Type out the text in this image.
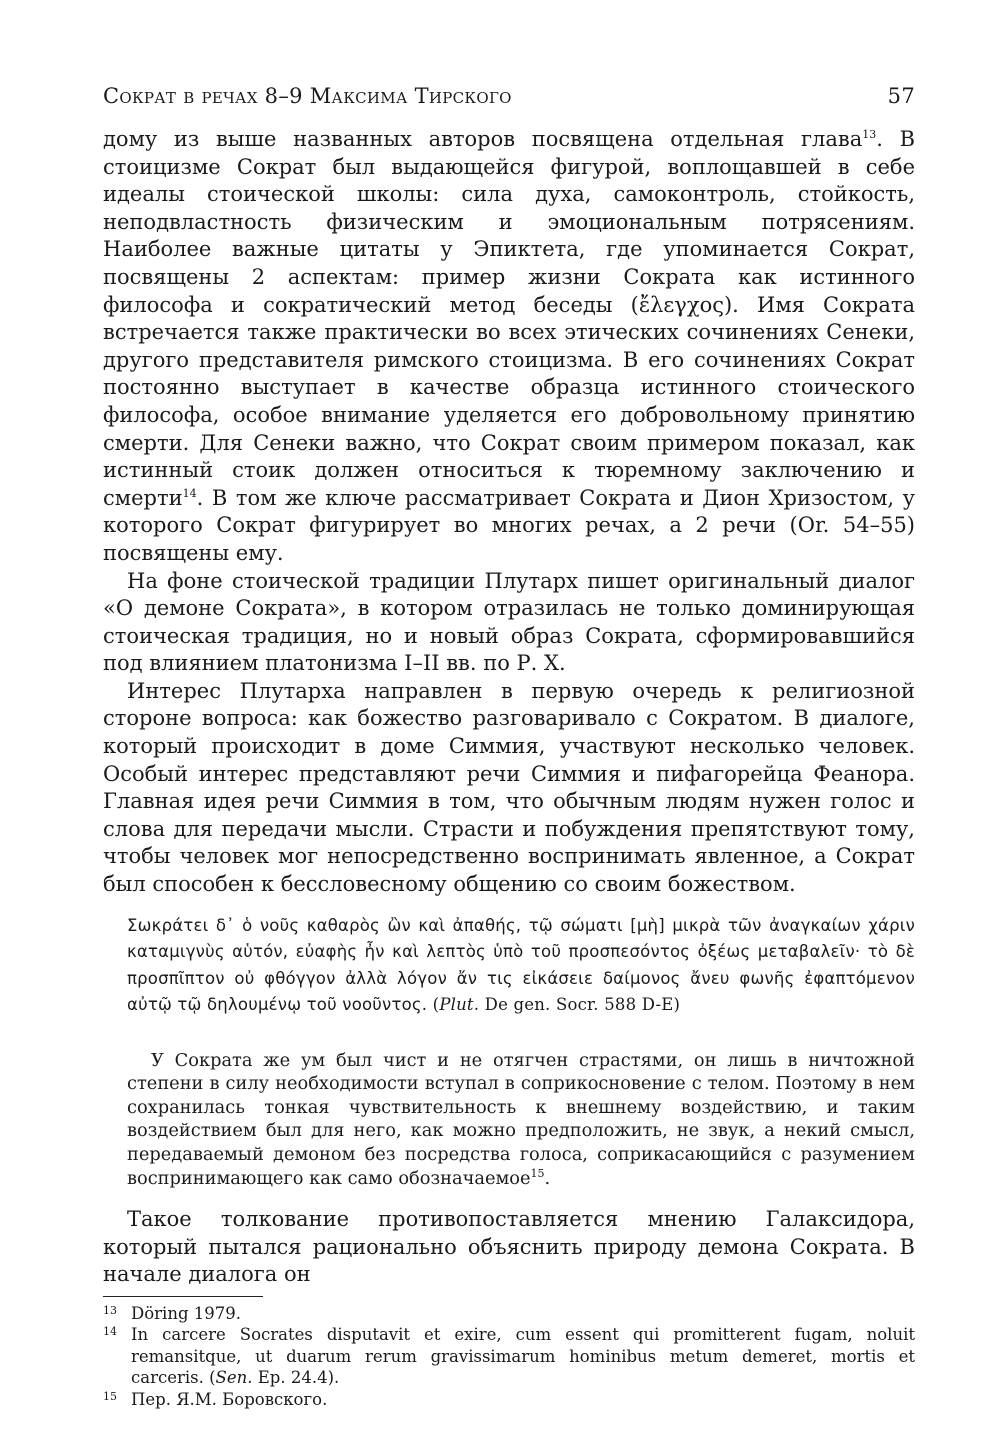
Сократ в речах 8–9 Максима Тирского	57

дому из выше названных авторов посвящена отдельная глава$^{13}$. В стоицизме Сократ был выдающейся фигурой, воплощавшей в себе идеалы стоической школы: сила духа, самоконтроль, стойкость, неподвластность физическим и эмоциональным потрясениям. Наиболее важные цитаты у Эпиктета, где упоминается Сократ, посвящены 2 аспектам: пример жизни Сократа как истинного философа и сократический метод беседы (ἔλεγχος). Имя Сократа встречается также практически во всех этических сочинениях Сенеки, другого представителя римского стоицизма. В его сочинениях Сократ постоянно выступает в качестве образца истинного стоического философа, особое внимание уделяется его добровольному принятию смерти. Для Сенеки важно, что Сократ своим примером показал, как истинный стоик должен относиться к тюремному заключению и смерти$^{14}$. В том же ключе рассматривает Сократа и Дион Хризостом, у которого Сократ фигурирует во многих речах, а 2 речи (Or. 54–55) посвящены ему.

На фоне стоической традиции Плутарх пишет оригинальный диалог «О демоне Сократа», в котором отразилась не только доминирующая стоическая традиция, но и новый образ Сократа, сформировавшийся под влиянием платонизма I–II вв. по Р. Х.

Интерес Плутарха направлен в первую очередь к религиозной стороне вопроса: как божество разговаривало с Сократом. В диалоге, который происходит в доме Симмия, участвуют несколько человек. Особый интерес представляют речи Симмия и пифагорейца Феанора. Главная идея речи Симмия в том, что обычным людям нужен голос и слова для передачи мысли. Страсти и побуждения препятствуют тому, чтобы человек мог непосредственно воспринимать явленное, а Сократ был способен к бессловесному общению со своим божеством.

Σωκράτει δ᾽ ὁ νοῦς καθαρὸς ὢν καὶ ἀπαθής, τῷ σώματι [μὴ] μικρὰ τῶν ἀναγκαίων χάριν καταμιγνὺς αὑτόν, εὐαφὴς ἦν καὶ λεπτὸς ὑπὸ τοῦ προσπεσόντος ὀξέως μεταβαλεῖν· τὸ δὲ προσπῖπτον οὐ φθόγγον ἀλλὰ λόγον ἄν τις εἰκάσειε δαίμονος ἄνευ φωνῆς ἐφαπτόμενον αὐτῷ τῷ δηλουμένῳ τοῦ νοοῦντος. (Plut. De gen. Socr. 588 D-E)
У Сократа же ум был чист и не отягчен страстями, он лишь в ничтожной степени в силу необходимости вступал в соприкосновение с телом. Поэтому в нем сохранилась тонкая чувствительность к внешнему воздействию, и таким воздействием был для него, как можно предположить, не звук, а некий смысл, передаваемый демоном без посредства голоса, соприкасающийся с разумением воспринимающего как само обозначаемое$^{15}$.

Такое толкование противопоставляется мнению Галаксидора, который пытался рационально объяснить природу демона Сократа. В начале диалога он

13 Döring 1979.
14 In carcere Socrates disputavit et exire, cum essent qui promitterent fugam, noluit remansitque, ut duarum rerum gravissimarum hominibus metum demeret, mortis et carceris. (Sen. Ep. 24.4).
15 Пер. Я.М. Боровского.
